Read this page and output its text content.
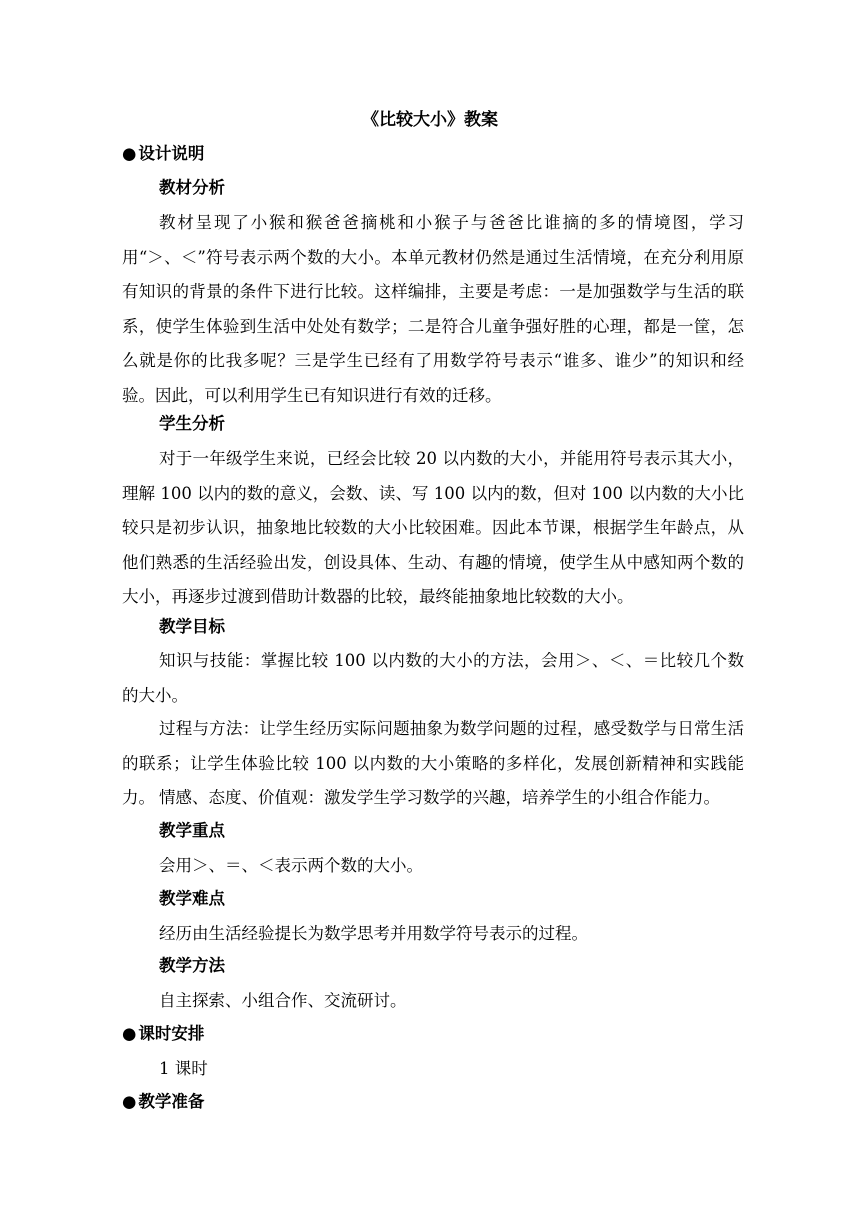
《比较大小》教案
● 设计说明
教材分析

教材呈现了小猴和猴爸爸摘桃和小猴子与爸爸比谁摘的多的情境图，学习用“＞、＜”符号表示两个数的大小。本单元教材仍然是通过生活情境，在充分利用原有知识的背景的条件下进行比较。这样编排，主要是考虑：一是加强数学与生活的联系，使学生体验到生活中处处有数学；二是符合儿童争强好胜的心理，都是一筐，怎么就是你的比我多呢？三是学生已经有了用数学符号表示“谁多、谁少”的知识和经验。因此，可以利用学生已有知识进行有效的迁移。

学生分析

对于一年级学生来说，已经会比较 20 以内数的大小，并能用符号表示其大小，理解 100 以内的数的意义，会数、读、写 100 以内的数，但对 100 以内数的大小比较只是初步认识，抽象地比较数的大小比较困难。因此本节课，根据学生年龄点，从他们熟悉的生活经验出发，创设具体、生动、有趣的情境，使学生从中感知两个数的大小，再逐步过渡到借助计数器的比较，最终能抽象地比较数的大小。

教学目标

知识与技能：掌握比较 100 以内数的大小的方法，会用＞、＜、＝比较几个数的大小。

过程与方法：让学生经历实际问题抽象为数学问题的过程，感受数学与日常生活的联系；让学生体验比较 100 以内数的大小策略的多样化，发展创新精神和实践能力。 情感、态度、价值观：激发学生学习数学的兴趣，培养学生的小组合作能力。

教学重点

会用＞、＝、＜表示两个数的大小。

教学难点

经历由生活经验提长为数学思考并用数学符号表示的过程。

教学方法

自主探索、小组合作、交流研讨。

● 课时安排

1 课时

● 教学准备
